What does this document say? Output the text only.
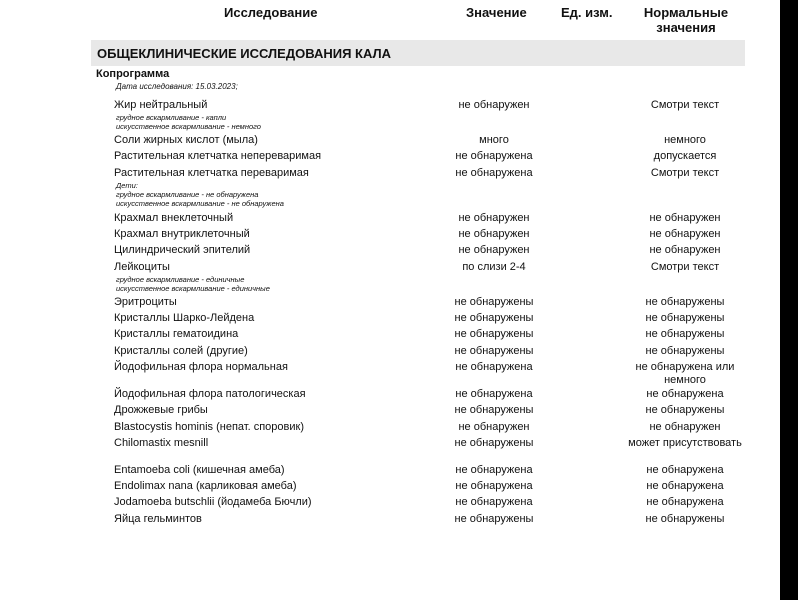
Исследование	Значение	Ед. изм.	Нормальные
значения
ОБЩЕКЛИНИЧЕСКИЕ ИССЛЕДОВАНИЯ КАЛА
Копрограмма
Дата исследования: 15.03.2023;
Жир нейтральный	не обнаружен	Смотри текст
грудное вскармливание - капли
искусственное вскармливание - немного
Соли жирных кислот (мыла)	много	немного
Растительная клетчатка непереваримая	не обнаружена	допускается
Растительная клетчатка переваримая	не обнаружена	Смотри текст
Дети:
грудное вскармливание - не обнаружена
искусственное вскармливание - не обнаружена
Крахмал внеклеточный	не обнаружен	не обнаружен
Крахмал внутриклеточный	не обнаружен	не обнаружен
Цилиндрический эпителий	не обнаружен	не обнаружен
Лейкоциты	по слизи 2-4	Смотри текст
грудное вскармливание - единичные
искусственное вскармливание - единичные
Эритроциты	не обнаружены	не обнаружены
Кристаллы Шарко-Лейдена	не обнаружены	не обнаружены
Кристаллы гематоидина	не обнаружены	не обнаружены
Кристаллы солей (другие)	не обнаружены	не обнаружены
Йодофильная флора нормальная	не обнаружена	не обнаружена или немного
Йодофильная флора патологическая	не обнаружена	не обнаружена
Дрожжевые грибы	не обнаружены	не обнаружены
Blastocystis hominis (непат. споровик)	не обнаружен	не обнаружен
Chilomastix mesnill	не обнаружены	может присутствовать
Entamoeba coli (кишечная амеба)	не обнаружена	не обнаружена
Endolimax nana (карликовая амеба)	не обнаружена	не обнаружена
Jodamoeba butschlii (йодамеба Бючли)	не обнаружена	не обнаружена
Яйца гельминтов	не обнаружены	не обнаружены
